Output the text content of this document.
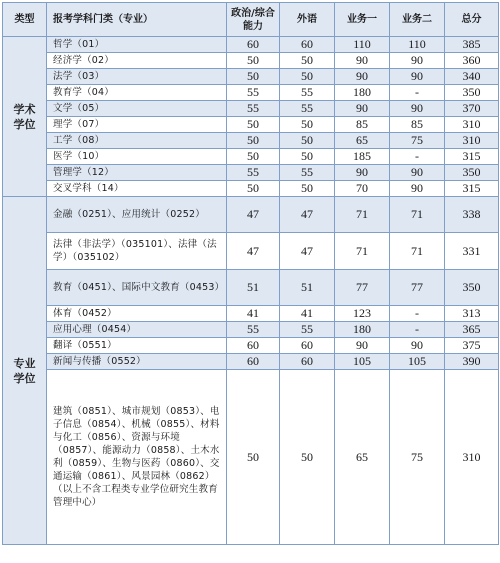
类型	报考学科门类（专业）	政治/综合能力	外语	业务一	业务二	总分
学术
学位	哲学（01）	60	60	110	110	385
	经济学（02）	50	50	90	90	360
	法学（03）	50	50	90	90	340
	教育学（04）	55	55	180	-	350
	文学（05）	55	55	90	90	370
	理学（07）	50	50	85	85	310
	工学（08）	50	50	65	75	310
	医学（10）	50	50	185	-	315
	管理学（12）	55	55	90	90	350
	交叉学科（14）	50	50	70	90	315
专业
学位	金融（0251）、应用统计（0252）	47	47	71	71	338
	法律（非法学）（035101）、法律（法学）（035102）	47	47	71	71	331
	教育（0451）、国际中文教育（0453）	51	51	77	77	350
	体育（0452）	41	41	123	-	313
	应用心理（0454）	55	55	180	-	365
	翻译（0551）	60	60	90	90	375
	新闻与传播（0552）	60	60	105	105	390
	建筑（0851）、城市规划（0853）、电子信息（0854）、机械（0855）、材料与化工（0856）、资源与环境（0857）、能源动力（0858）、土木水利（0859）、生物与医药（0860）、交通运输（0861）、风景园林（0862）（以上不含工程类专业学位研究生教育管理中心）	50	50	65	75	310
